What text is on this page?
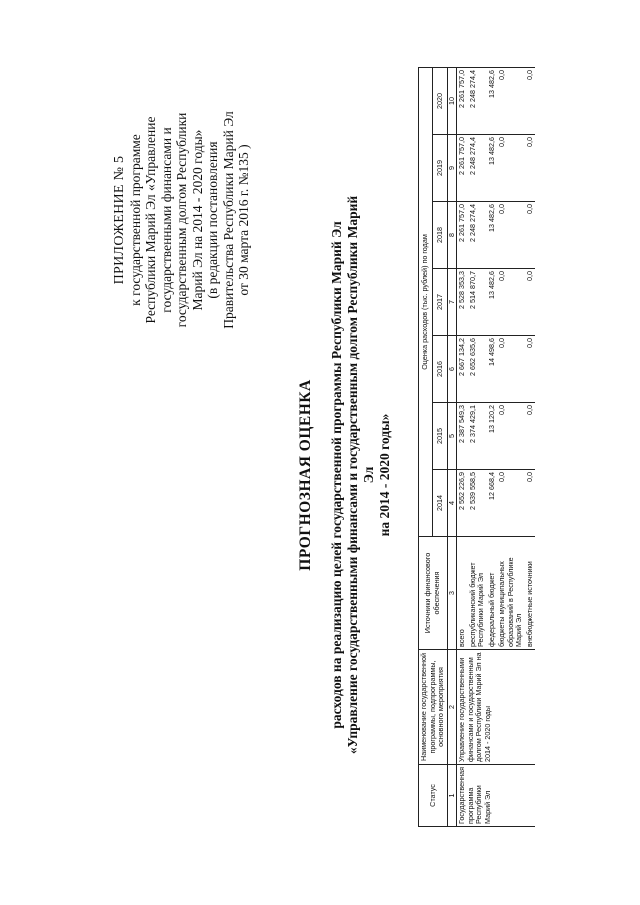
ПРИЛОЖЕНИЕ № 5 к государственной программе Республики Марий Эл «Управление государственными финансами и государственным долгом Республики Марий Эл на 2014 - 2020 годы» (в редакции постановления Правительства Республики Марий Эл от 30 марта 2016 г. №135 )
ПРОГНОЗНАЯ ОЦЕНКА расходов на реализацию целей государственной программы Республики Марий Эл «Управление государственными финансами и государственным долгом Республики Марий Эл на 2014 - 2020 годы»
Статус	Наименование государственной программы, подпрограммы, основного мероприятия	Источники финансового обеспечения	Оценка расходов (тыс. рублей) по годам						
			2014	2015	2016	2017	2018	2019	2020
1	2	3	4	5	6	7	8	9	10
Государственная программа Республики Марий Эл	Управление государственными финансами и государственным долгом Республики Марий Эл на 2014 - 2020 годы	всего	2 552 226,9	2 387 549,3	2 667 134,2	2 528 353,3	2 261 757,0	2 261 757,0	2 261 757,0
		республиканский бюджет Республики Марий Эл	2 539 558,5	2 374 429,1	2 652 635,6	2 514 870,7	2 248 274,4	2 248 274,4	2 248 274,4
		федеральный бюджет	12 668,4	13 120,2	14 498,6	13 482,6	13 482,6	13 482,6	13 482,6
		бюджеты муниципальных образований в Республике Марий Эл	0,0	0,0	0,0	0,0	0,0	0,0	0,0
		внебюджетные источники	0,0	0,0	0,0	0,0	0,0	0,0	0,0
